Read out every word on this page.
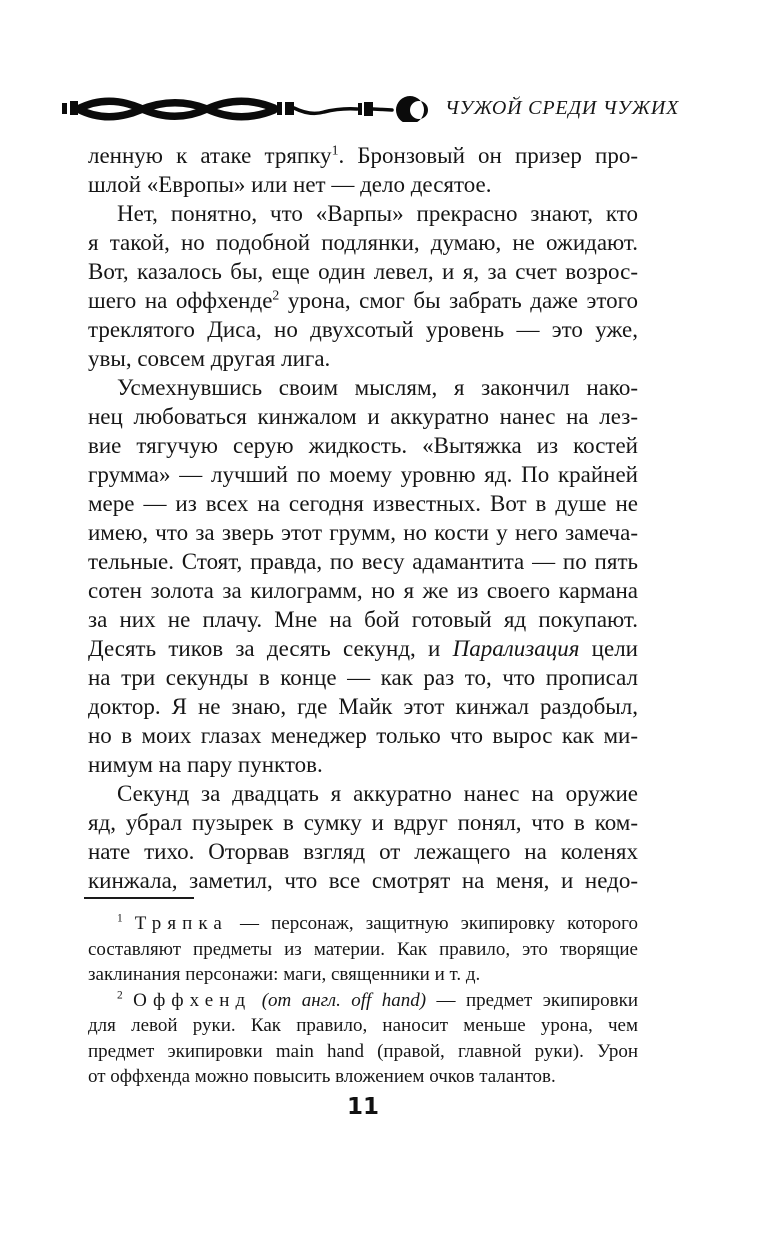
ЧУЖОЙ СРЕДИ ЧУЖИХ
ленную к атаке тряпку$^1$. Бронзовый он призер про-
шлой «Европы» или нет — дело десятое.
Нет, понятно, что «Варпы» прекрасно знают, кто
я такой, но подобной подлянки, думаю, не ожидают.
Вот, казалось бы, еще один левел, и я, за счет возрос-
шего на оффхенде$^2$ урона, смог бы забрать даже этого
треклятого Диса, но двухсотый уровень — это уже,
увы, совсем другая лига.
Усмехнувшись своим мыслям, я закончил нако-
нец любоваться кинжалом и аккуратно нанес на лез-
вие тягучую серую жидкость. «Вытяжка из костей
грумма» — лучший по моему уровню яд. По крайней
мере — из всех на сегодня известных. Вот в душе не
имею, что за зверь этот грумм, но кости у него замеча-
тельные. Стоят, правда, по весу адамантита — по пять
сотен золота за килограмм, но я же из своего кармана
за них не плачу. Мне на бой готовый яд покупают.
Десять тиков за десять секунд, и Парализация цели
на три секунды в конце — как раз то, что прописал
доктор. Я не знаю, где Майк этот кинжал раздобыл,
но в моих глазах менеджер только что вырос как ми-
нимум на пару пунктов.
Секунд за двадцать я аккуратно нанес на оружие
яд, убрал пузырек в сумку и вдруг понял, что в ком-
нате тихо. Оторвав взгляд от лежащего на коленях
кинжала, заметил, что все смотрят на меня, и недо-
$^1$ Тряпка — персонаж, защитную экипировку которого
составляют предметы из материи. Как правило, это творящие
заклинания персонажи: маги, священники и т. д.
$^2$ Оффхенд (от англ. off hand) — предмет экипировки
для левой руки. Как правило, наносит меньше урона, чем
предмет экипировки main hand (правой, главной руки). Урон
от оффхенда можно повысить вложением очков талантов.
11
